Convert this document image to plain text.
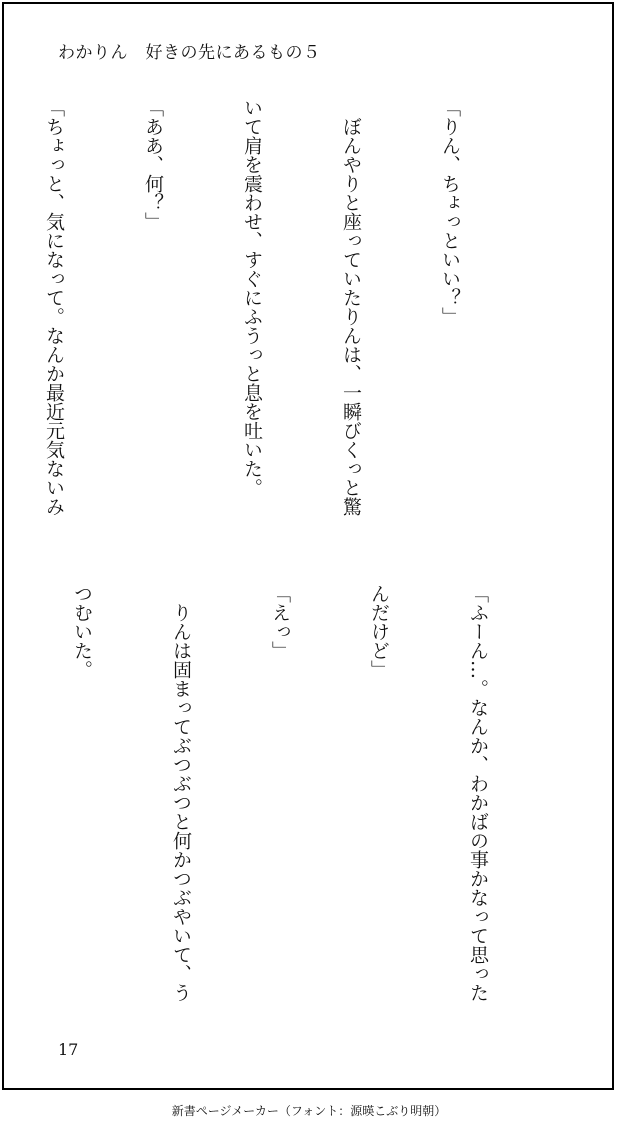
わかりん　好きの先にあるもの５

「りん、ちょっといい？」

　ぼんやりと座っていたりんは、一瞬びくっと驚

いて肩を震わせ、すぐにふうっと息を吐いた。

「ああ、何？」

「ちょっと、気になって。なんか最近元気ないみ

「ふーん…。なんか、わかばの事かなって思った

んだけど」

「えっ」

　りんは固まってぶつぶつと何かつぶやいて、う

つむいた。

17
新書ページメーカー（フォント：源暎こぶり明朝）
